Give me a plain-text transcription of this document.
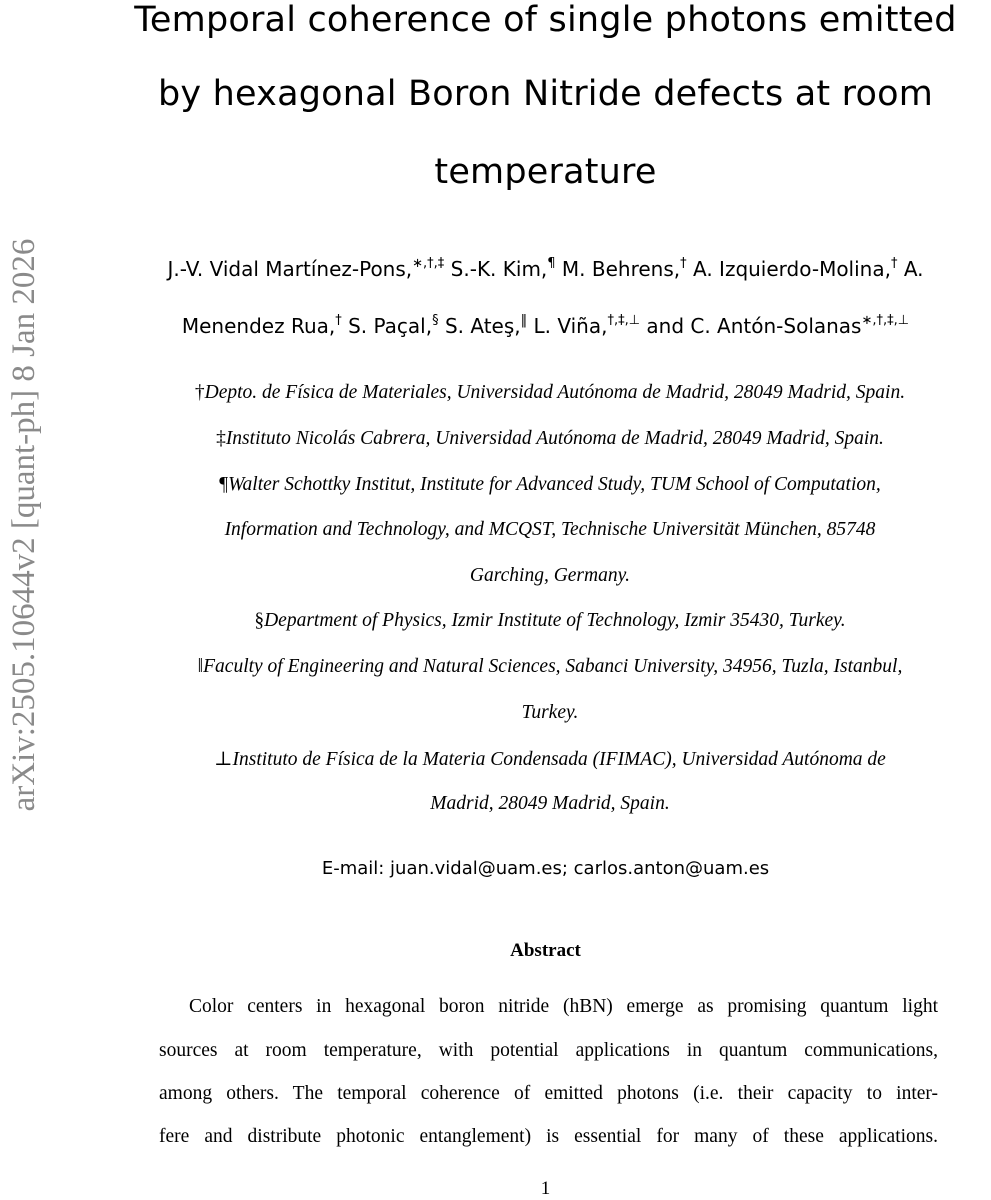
arXiv:2505.10644v2 [quant-ph] 8 Jan 2026
Temporal coherence of single photons emitted
by hexagonal Boron Nitride defects at room
temperature
J.-V. Vidal Martínez-Pons,∗,†,‡ S.-K. Kim,¶ M. Behrens,† A. Izquierdo-Molina,† A.
Menendez Rua,† S. Paçal,§ S. Ateş,‖ L. Viña,†,‡,⊥ and C. Antón-Solanas∗,†,‡,⊥
†Depto. de Física de Materiales, Universidad Autónoma de Madrid, 28049 Madrid, Spain.
‡Instituto Nicolás Cabrera, Universidad Autónoma de Madrid, 28049 Madrid, Spain.
¶Walter Schottky Institut, Institute for Advanced Study, TUM School of Computation,
Information and Technology, and MCQST, Technische Universität München, 85748
Garching, Germany.
§Department of Physics, Izmir Institute of Technology, Izmir 35430, Turkey.
‖Faculty of Engineering and Natural Sciences, Sabanci University, 34956, Tuzla, Istanbul,
Turkey.
⊥Instituto de Física de la Materia Condensada (IFIMAC), Universidad Autónoma de
Madrid, 28049 Madrid, Spain.
E-mail: juan.vidal@uam.es; carlos.anton@uam.es
Abstract
Color centers in hexagonal boron nitride (hBN) emerge as promising quantum light
sources at room temperature, with potential applications in quantum communications,
among others. The temporal coherence of emitted photons (i.e. their capacity to inter-
fere and distribute photonic entanglement) is essential for many of these applications.
1
